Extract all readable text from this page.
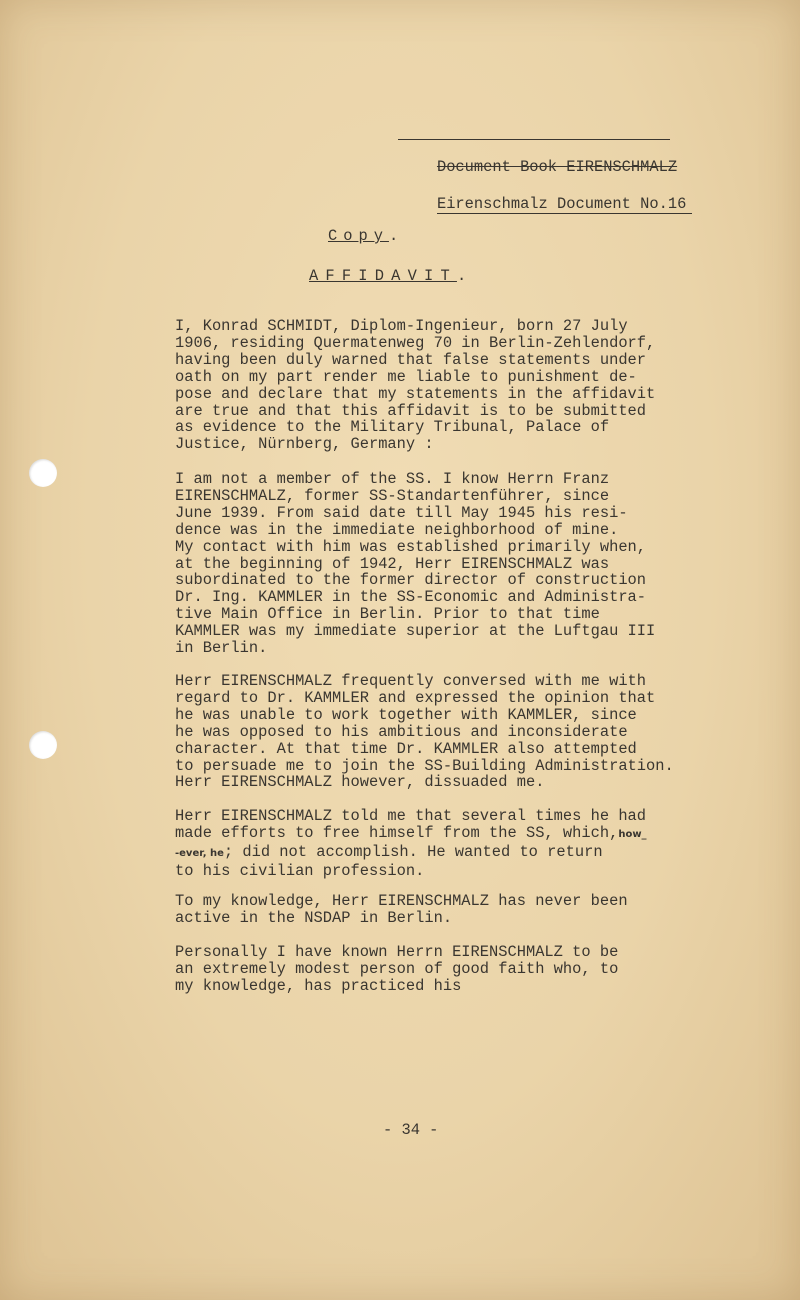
Document Book EIRENSCHMALZ

Eirenschmalz Document No.16

Copy.
AFFIDAVIT.

I, Konrad SCHMIDT, Diplom-Ingenieur, born 27 July
1906, residing Quermatenweg 70 in Berlin-Zehlendorf,
having been duly warned that false statements under
oath on my part render me liable to punishment de-
pose and declare that my statements in the affidavit
are true and that this affidavit is to be submitted
as evidence to the Military Tribunal, Palace of
Justice, Nürnberg, Germany :

I am not a member of the SS. I know Herrn Franz
EIRENSCHMALZ, former SS-Standartenführer, since
June 1939. From said date till May 1945 his resi-
dence was in the immediate neighborhood of mine.
My contact with him was established primarily when,
at the beginning of 1942, Herr EIRENSCHMALZ was
subordinated to the former director of construction
Dr. Ing. KAMMLER in the SS-Economic and Administra-
tive Main Office in Berlin. Prior to that time
KAMMLER was my immediate superior at the Luftgau III
in Berlin.

Herr EIRENSCHMALZ frequently conversed with me with
regard to Dr. KAMMLER and expressed the opinion that
he was unable to work together with KAMMLER, since
he was opposed to his ambitious and inconsiderate
character. At that time Dr. KAMMLER also attempted
to persuade me to join the SS-Building Administration.
Herr EIRENSCHMALZ however, dissuaded me.

Herr EIRENSCHMALZ told me that several times he had
made efforts to free himself from the SS, which,how_
-ever, he; did not accomplish. He wanted to return
to his civilian profession.

To my knowledge, Herr EIRENSCHMALZ has never been
active in the NSDAP in Berlin.

Personally I have known Herrn EIRENSCHMALZ to be
an extremely modest person of good faith who, to
my knowledge, has practiced his

- 34 -
